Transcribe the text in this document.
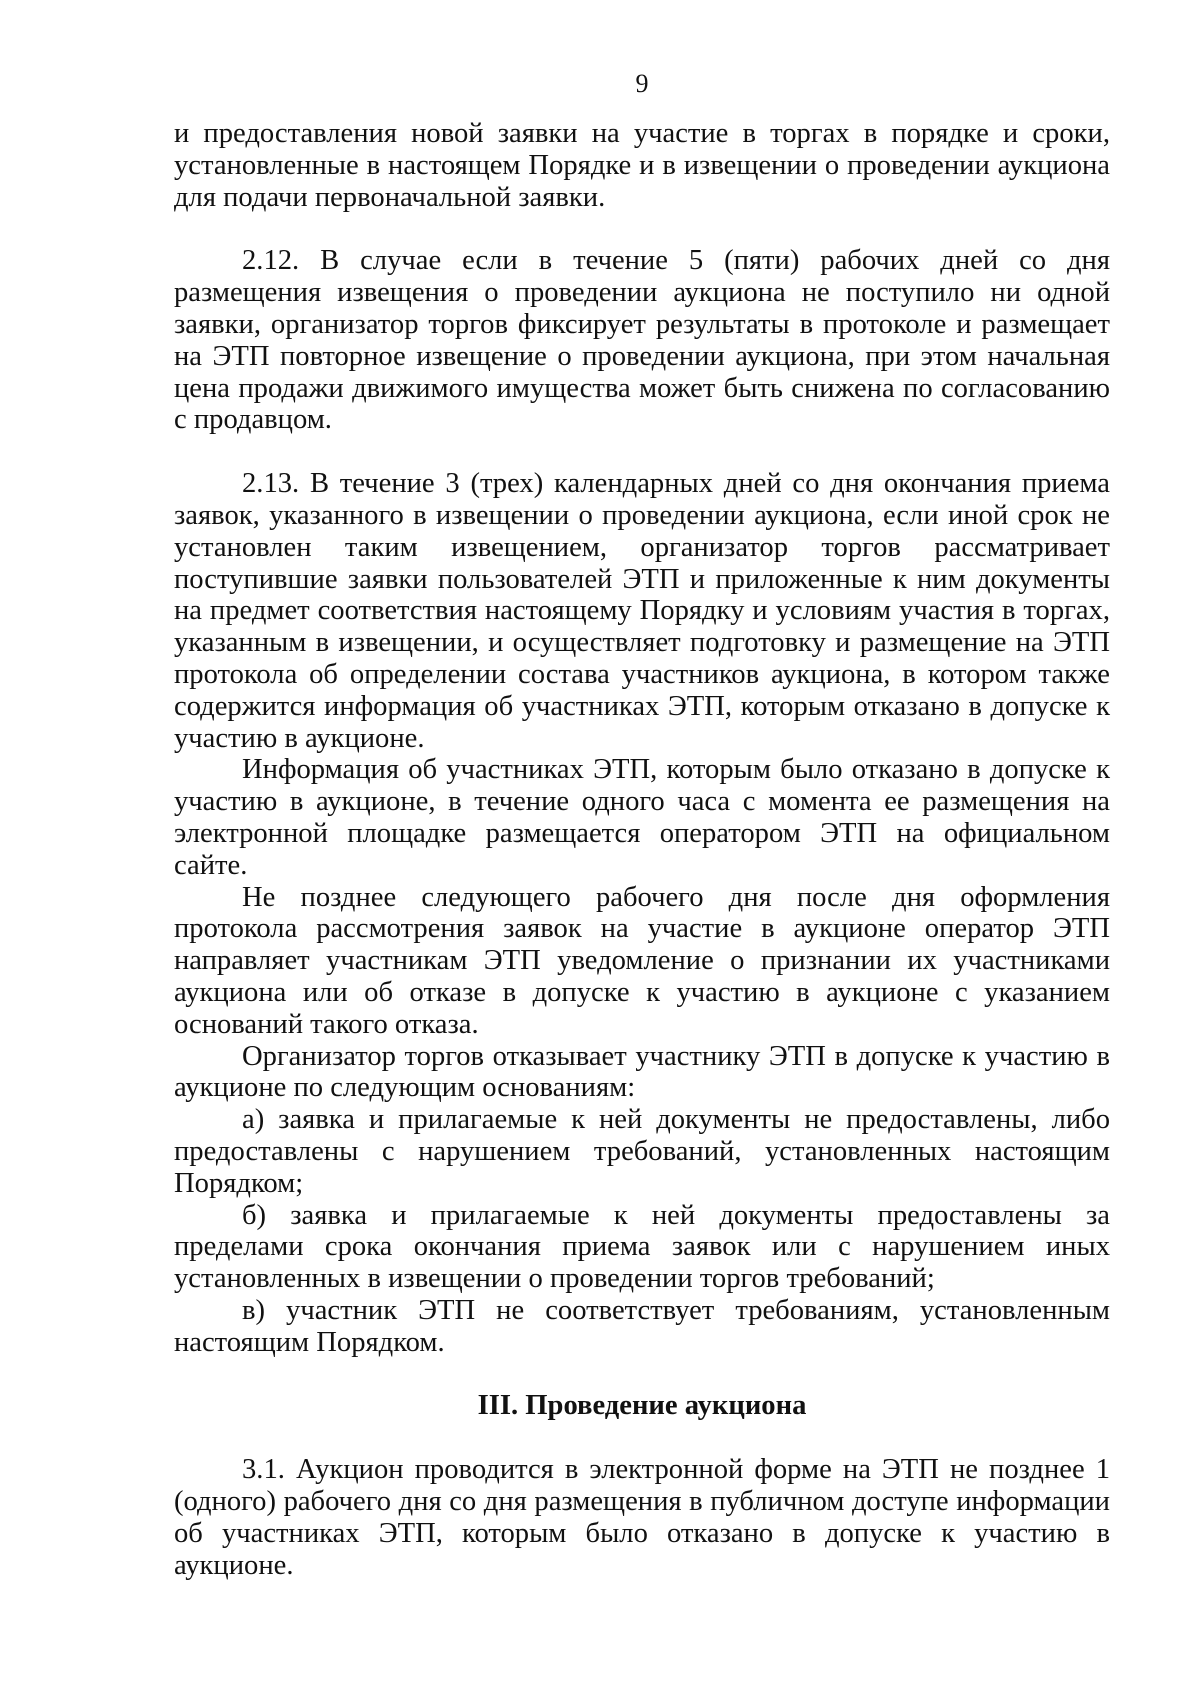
9

и предоставления новой заявки на участие в торгах в порядке и сроки, установленные в настоящем Порядке и в извещении о проведении аукциона для подачи первоначальной заявки.

2.12. В случае если в течение 5 (пяти) рабочих дней со дня размещения извещения о проведении аукциона не поступило ни одной заявки, организатор торгов фиксирует результаты в протоколе и размещает на ЭТП повторное извещение о проведении аукциона, при этом начальная цена продажи движимого имущества может быть снижена по согласованию с продавцом.

2.13. В течение 3 (трех) календарных дней со дня окончания приема заявок, указанного в извещении о проведении аукциона, если иной срок не установлен таким извещением, организатор торгов рассматривает поступившие заявки пользователей ЭТП и приложенные к ним документы на предмет соответствия настоящему Порядку и условиям участия в торгах, указанным в извещении, и осуществляет подготовку и размещение на ЭТП протокола об определении состава участников аукциона, в котором также содержится информация об участниках ЭТП, которым отказано в допуске к участию в аукционе.

Информация об участниках ЭТП, которым было отказано в допуске к участию в аукционе, в течение одного часа с момента ее размещения на электронной площадке размещается оператором ЭТП на официальном сайте.

Не позднее следующего рабочего дня после дня оформления протокола рассмотрения заявок на участие в аукционе оператор ЭТП направляет участникам ЭТП уведомление о признании их участниками аукциона или об отказе в допуске к участию в аукционе с указанием оснований такого отказа.

Организатор торгов отказывает участнику ЭТП в допуске к участию в аукционе по следующим основаниям:

а) заявка и прилагаемые к ней документы не предоставлены, либо предоставлены с нарушением требований, установленных настоящим Порядком;

б) заявка и прилагаемые к ней документы предоставлены за пределами срока окончания приема заявок или с нарушением иных установленных в извещении о проведении торгов требований;

в) участник ЭТП не соответствует требованиям, установленным настоящим Порядком.

III. Проведение аукциона

3.1. Аукцион проводится в электронной форме на ЭТП не позднее 1 (одного) рабочего дня со дня размещения в публичном доступе информации об участниках ЭТП, которым было отказано в допуске к участию в аукционе.
